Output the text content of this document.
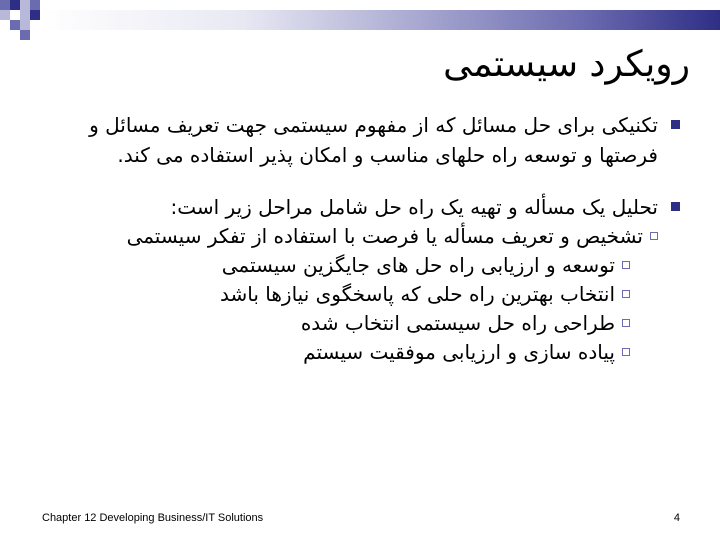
رویکرد سیستمی
تکنیکی برای حل مسائل که از مفهوم سیستمی جهت تعریف مسائل و فرصتها و توسعه راه حلهای مناسب و امکان پذیر استفاده می کند.
تحلیل یک مسأله و تهیه یک راه حل شامل مراحل زیر است:
تشخیص و تعریف مسأله یا فرصت با استفاده از تفکر سیستمی
توسعه و ارزیابی راه حل های جایگزین سیستمی
انتخاب بهترین راه حلی که پاسخگوی نیازها باشد
طراحی راه حل سیستمی انتخاب شده
پیاده سازی و ارزیابی موفقیت سیستم
Chapter 12 Developing Business/IT Solutions	4
